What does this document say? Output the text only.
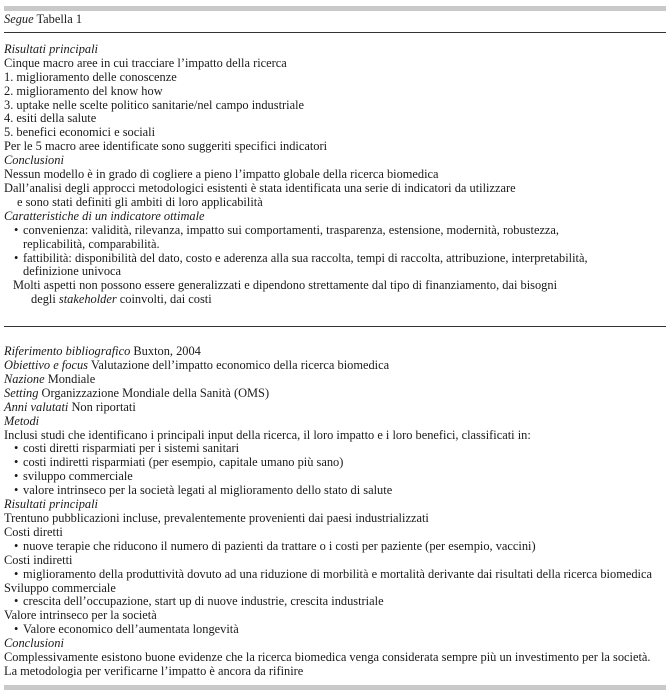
Segue Tabella 1
Risultati principali
Cinque macro aree in cui tracciare l’impatto della ricerca
1. miglioramento delle conoscenze
2. miglioramento del know how
3. uptake nelle scelte politico sanitarie/nel campo industriale
4. esiti della salute
5. benefici economici e sociali
Per le 5 macro aree identificate sono suggeriti specifici indicatori
Conclusioni
Nessun modello è in grado di cogliere a pieno l’impatto globale della ricerca biomedica
Dall’analisi degli approcci metodologici esistenti è stata identificata una serie di indicatori da utilizzare
e sono stati definiti gli ambiti di loro applicabilità
Caratteristiche di un indicatore ottimale
• convenienza: validità, rilevanza, impatto sui comportamenti, trasparenza, estensione, modernità, robustezza,
replicabilità, comparabilità.
• fattibilità: disponibilità del dato, costo e aderenza alla sua raccolta, tempi di raccolta, attribuzione, interpretabilità,
definizione univoca
Molti aspetti non possono essere generalizzati e dipendono strettamente dal tipo di finanziamento, dai bisogni
degli stakeholder coinvolti, dai costi
Riferimento bibliografico Buxton, 2004
Obiettivo e focus Valutazione dell’impatto economico della ricerca biomedica
Nazione Mondiale
Setting Organizzazione Mondiale della Sanità (OMS)
Anni valutati Non riportati
Metodi
Inclusi studi che identificano i principali input della ricerca, il loro impatto e i loro benefici, classificati in:
• costi diretti risparmiati per i sistemi sanitari
• costi indiretti risparmiati (per esempio, capitale umano più sano)
• sviluppo commerciale
• valore intrinseco per la società legati al miglioramento dello stato di salute
Risultati principali
Trentuno pubblicazioni incluse, prevalentemente provenienti dai paesi industrializzati
Costi diretti
• nuove terapie che riducono il numero di pazienti da trattare o i costi per paziente (per esempio, vaccini)
Costi indiretti
• miglioramento della produttività dovuto ad una riduzione di morbilità e mortalità derivante dai risultati della ricerca biomedica
Sviluppo commerciale
• crescita dell’occupazione, start up di nuove industrie, crescita industriale
Valore intrinseco per la società
• Valore economico dell’aumentata longevità
Conclusioni
Complessivamente esistono buone evidenze che la ricerca biomedica venga considerata sempre più un investimento per la società.
La metodologia per verificarne l’impatto è ancora da rifinire
